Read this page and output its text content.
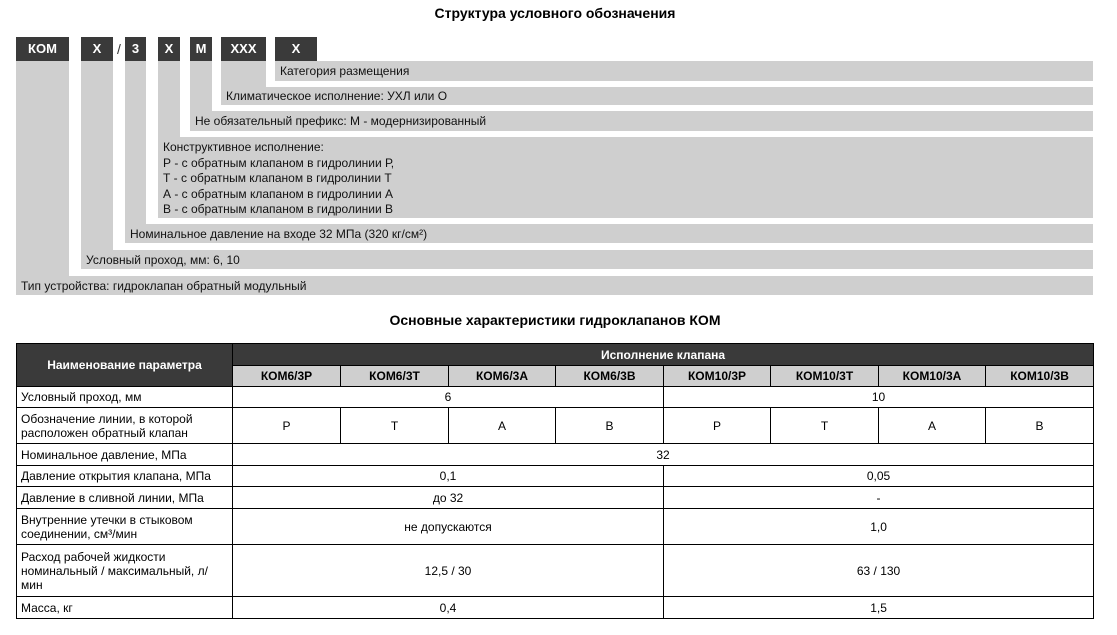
Структура условного обозначения
КОМ	X	/ 3	X	M	XXX	X
Категория размещения
Климатическое исполнение: УХЛ или О
Не обязательный префикс: М - модернизированный
Конструктивное исполнение:
Р - с обратным клапаном в гидролинии Р,
Т - с обратным клапаном в гидролинии Т
А - с обратным клапаном в гидролинии А
В - с обратным клапаном в гидролинии В
Номинальное давление на входе 32 МПа (320 кг/см²)
Условный проход, мм: 6, 10
Тип устройства: гидроклапан обратный модульный
Основные характеристики гидроклапанов КОМ
Наименование параметра	Исполнение клапана							
	КОМ6/3Р	КОМ6/3Т	КОМ6/3А	КОМ6/3В	КОМ10/3Р	КОМ10/3Т	КОМ10/3А	КОМ10/3В
Условный проход, мм	6				10			
Обозначение линии, в которой расположен обратный клапан	P	T	A	B	P	T	A	B
Номинальное давление, МПа	32							
Давление открытия клапана, МПа	0,1				0,05			
Давление в сливной линии, МПа	до 32				-			
Внутренние утечки в стыковом соединении, см³/мин	не допускаются				1,0			
Расход рабочей жидкости номинальный / максимальный, л/мин	12,5 / 30				63 / 130			
Масса, кг	0,4				1,5			
